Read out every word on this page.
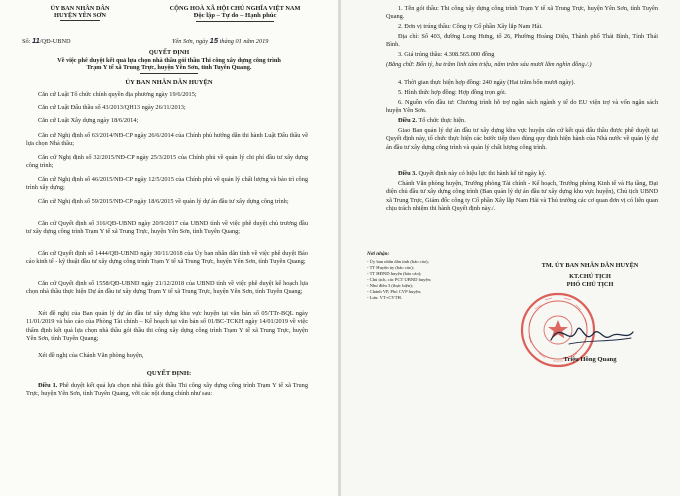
ỦY BAN NHÂN DÂN
HUYỆN YÊN SƠN
CỘNG HOÀ XÃ HỘI CHỦ NGHĨA VIỆT NAM
Độc lập – Tự do – Hạnh phúc
Số: 11/QĐ-UBND	Yên Sơn, ngày 15 tháng 01 năm 2019
QUYẾT ĐỊNH
Về việc phê duyệt kết quả lựa chọn nhà thầu gói thầu Thi công xây dựng công trình
Trạm Y tế xã Trung Trực, huyện Yên Sơn, tỉnh Tuyên Quang.
ỦY BAN NHÂN DÂN HUYỆN
Căn cứ Luật Tổ chức chính quyền địa phương ngày 19/6/2015;
Căn cứ Luật Đấu thầu số 43/2013/QH13 ngày 26/11/2013;
Căn cứ Luật Xây dựng ngày 18/6/2014;
Căn cứ Nghị định số 63/2014/NĐ-CP ngày 26/6/2014 của Chính phủ hướng dẫn thi hành Luật Đấu thầu về lựa chọn Nhà thầu;
Căn cứ Nghị định số 32/2015/NĐ-CP ngày 25/3/2015 của Chính phủ về quản lý chi phí đầu tư xây dựng công trình;
Căn cứ Nghị định số 46/2015/NĐ-CP ngày 12/5/2015 của Chính phủ về quản lý chất lượng và bảo trì công trình xây dựng;
Căn cứ Nghị định số 59/2015/NĐ-CP ngày 18/6/2015 về quản lý dự án đầu tư xây dựng công trình;
Căn cứ Quyết định số 316/QĐ-UBND ngày 20/9/2017 của UBND tỉnh về việc phê duyệt chủ trương đầu tư xây dựng công trình Trạm Y tế xã Trung Trực, huyện Yên Sơn, tỉnh Tuyên Quang;
Căn cứ Quyết định số 1444/QĐ-UBND ngày 30/11/2018 của Ủy ban nhân dân tỉnh về việc phê duyệt Báo cáo kinh tế - kỹ thuật đầu tư xây dựng công trình Trạm Y tế xã Trung Trực, huyện Yên Sơn, tỉnh Tuyên Quang;
Căn cứ Quyết định số 1558/QĐ-UBND ngày 21/12/2018 của UBND tỉnh về việc phê duyệt kế hoạch lựa chọn nhà thầu thực hiện Dự án đầu tư xây dựng Trạm Y tế xã Trung Trực, huyện Yên Sơn, tỉnh Tuyên Quang;
Xét đề nghị của Ban quản lý dự án đầu tư xây dựng khu vực huyện tại văn bản số 05/TTr-BQL ngày 11/01/2019 và báo cáo của Phòng Tài chính – Kế hoạch tại văn bản số 01/BC-TCKH ngày 14/01/2019 về việc thẩm định kết quả lựa chọn nhà thầu gói thầu thi công xây dựng công trình Trạm Y tế xã Trung Trực, huyện Yên Sơn, tỉnh Tuyên Quang;
Xét đề nghị của Chánh Văn phòng huyện,
QUYẾT ĐỊNH:
Điều 1. Phê duyệt kết quả lựa chọn nhà thầu gói thầu Thi công xây dựng công trình Trạm Y tế xã Trung Trực, huyện Yên Sơn, tỉnh Tuyên Quang, với các nội dung chính như sau:
1. Tên gói thầu: Thi công xây dựng công trình Trạm Y tế xã Trung Trực, huyện Yên Sơn, tỉnh Tuyên Quang.
2. Đơn vị trúng thầu: Công ty Cổ phần Xây lắp Nam Hải.
Địa chỉ: Số 403, đường Long Hưng, tổ 26, Phường Hoàng Diệu, Thành phố Thái Bình, Tỉnh Thái Bình.
3. Giá trúng thầu: 4.308.565.000 đồng
(Bằng chữ: Bốn tỷ, ba trăm linh tám triệu, năm trăm sáu mươi lăm nghìn đồng./.)
4. Thời gian thực hiện hợp đồng: 240 ngày (Hai trăm bốn mươi ngày).
5. Hình thức hợp đồng: Hợp đồng trọn gói.
6. Nguồn vốn đầu tư: Chương trình hỗ trợ ngân sách ngành y tế do EU viện trợ và vốn ngân sách huyện Yên Sơn.
Điều 2. Tổ chức thực hiện.
Giao Ban quản lý dự án đầu tư xây dựng khu vực huyện căn cứ kết quả đấu thầu được phê duyệt tại Quyết định này, tổ chức thực hiện các bước tiếp theo đúng quy định hiện hành của Nhà nước về quản lý dự án đầu tư xây dựng công trình và quản lý chất lượng công trình.
Điều 3. Quyết định này có hiệu lực thi hành kể từ ngày ký.
Chánh Văn phòng huyện, Trưởng phòng Tài chính - Kế hoạch, Trưởng phòng Kinh tế và Hạ tầng, Đại diện chủ đầu tư xây dựng công trình (Ban quản lý dự án đầu tư xây dựng khu vực huyện), Chủ tịch UBND xã Trung Trực, Giám đốc công ty Cổ phần Xây lắp Nam Hải và Thủ trưởng các cơ quan đơn vị có liên quan chịu trách nhiệm thi hành Quyết định này./.
Nơi nhận:
- Ủy ban nhân dân tỉnh (báo cáo);
- TT Huyện ủy (báo cáo);
- TT HĐND huyện (báo cáo);
- Chủ tịch, các PCT UBND huyện;
- Như điều 3 (thực hiện);
- Chánh VP, Phó CVP huyện;
- Lưu: VT+CVTH.
TM. ỦY BAN NHÂN DÂN HUYỆN
KT.CHỦ TỊCH
PHÓ CHỦ TỊCH
Triệu Hồng Quang
